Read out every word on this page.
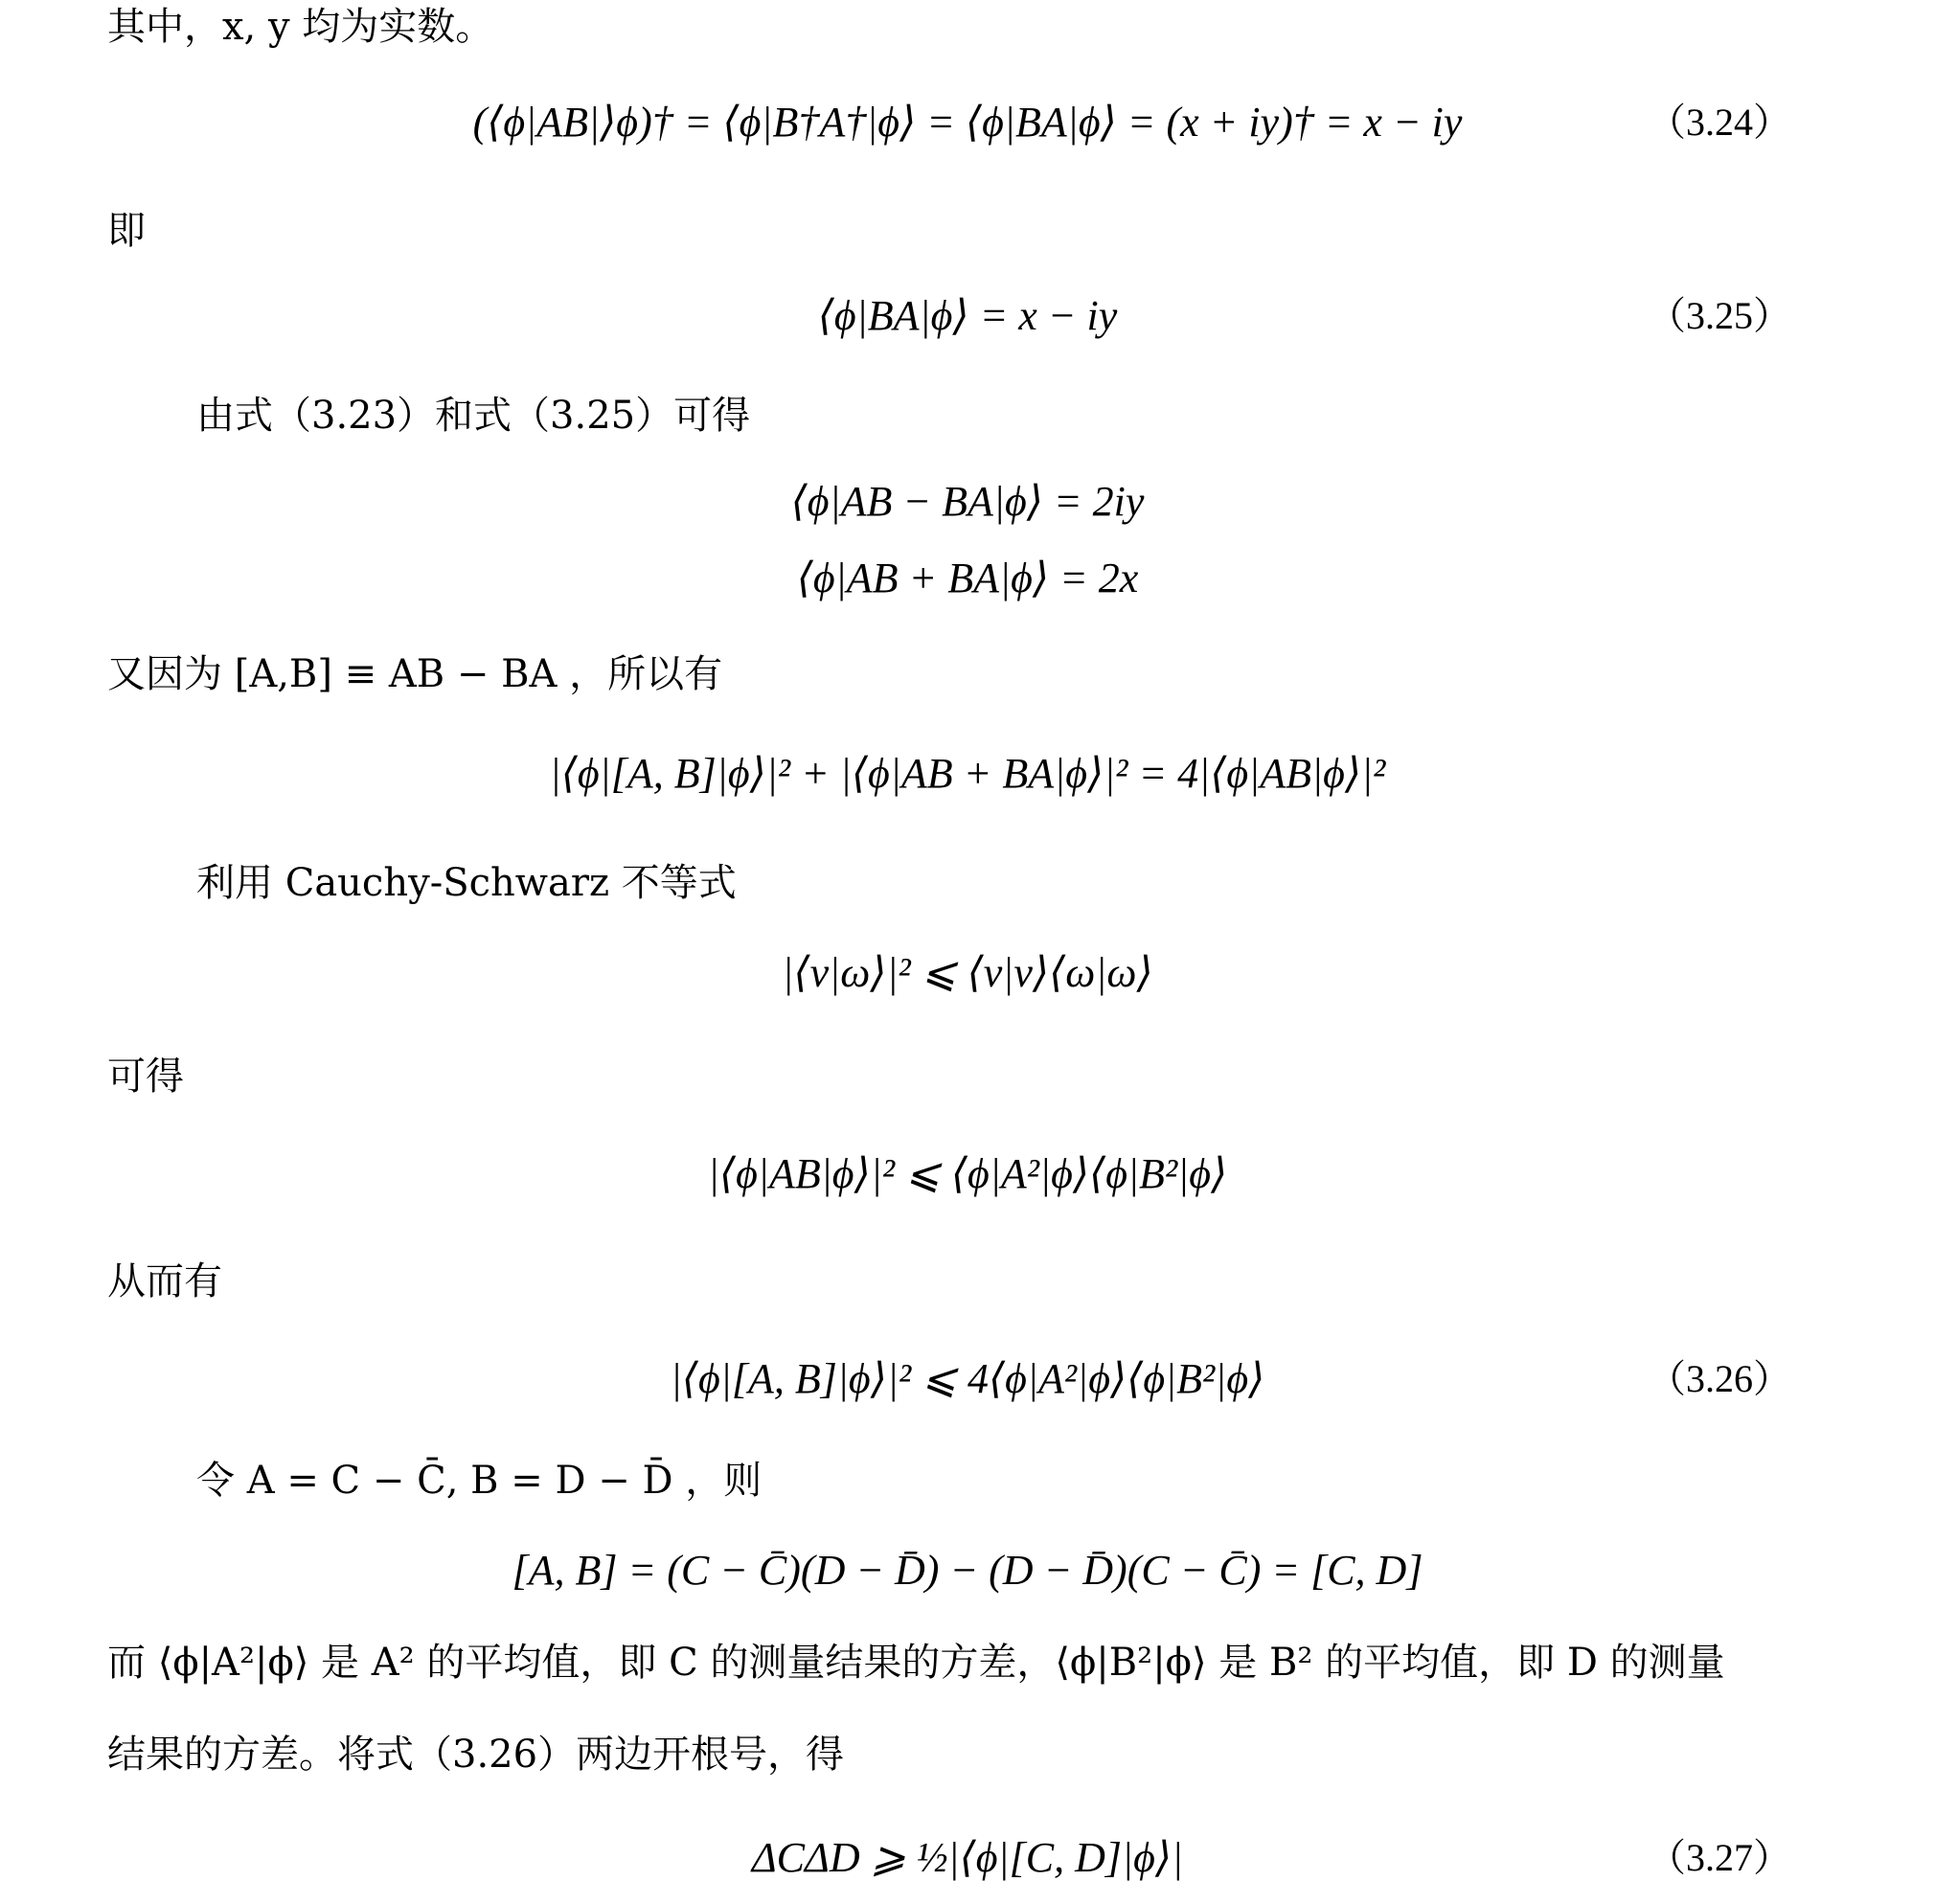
其中，x, y 均为实数。
(⟨ϕ|AB|⟩ϕ)† = ⟨ϕ|B†A†|ϕ⟩ = ⟨ϕ|BA|ϕ⟩ = (x + iy)† = x − iy	（3.24）
即
⟨ϕ|BA|ϕ⟩ = x − iy	（3.25）
由式（3.23）和式（3.25）可得
⟨ϕ|AB − BA|ϕ⟩ = 2iy
⟨ϕ|AB + BA|ϕ⟩ = 2x
又因为 [A,B] ≡ AB − BA ，所以有
|⟨ϕ|[A, B]|ϕ⟩|² + |⟨ϕ|AB + BA|ϕ⟩|² = 4|⟨ϕ|AB|ϕ⟩|²
利用 Cauchy-Schwarz 不等式
|⟨v|ω⟩|² ⩽ ⟨v|v⟩⟨ω|ω⟩
可得
|⟨ϕ|AB|ϕ⟩|² ⩽ ⟨ϕ|A²|ϕ⟩⟨ϕ|B²|ϕ⟩
从而有
|⟨ϕ|[A, B]|ϕ⟩|² ⩽ 4⟨ϕ|A²|ϕ⟩⟨ϕ|B²|ϕ⟩	（3.26）
令 A = C − C̄, B = D − D̄ ，则
[A, B] = (C − C̄)(D − D̄) − (D − D̄)(C − C̄) = [C, D]
而 ⟨ϕ|A²|ϕ⟩ 是 A² 的平均值，即 C 的测量结果的方差，⟨ϕ|B²|ϕ⟩ 是 B² 的平均值，即 D 的测量
结果的方差。将式（3.26）两边开根号，得
ΔCΔD ⩾ ½|⟨ϕ|[C, D]|ϕ⟩|	（3.27）
